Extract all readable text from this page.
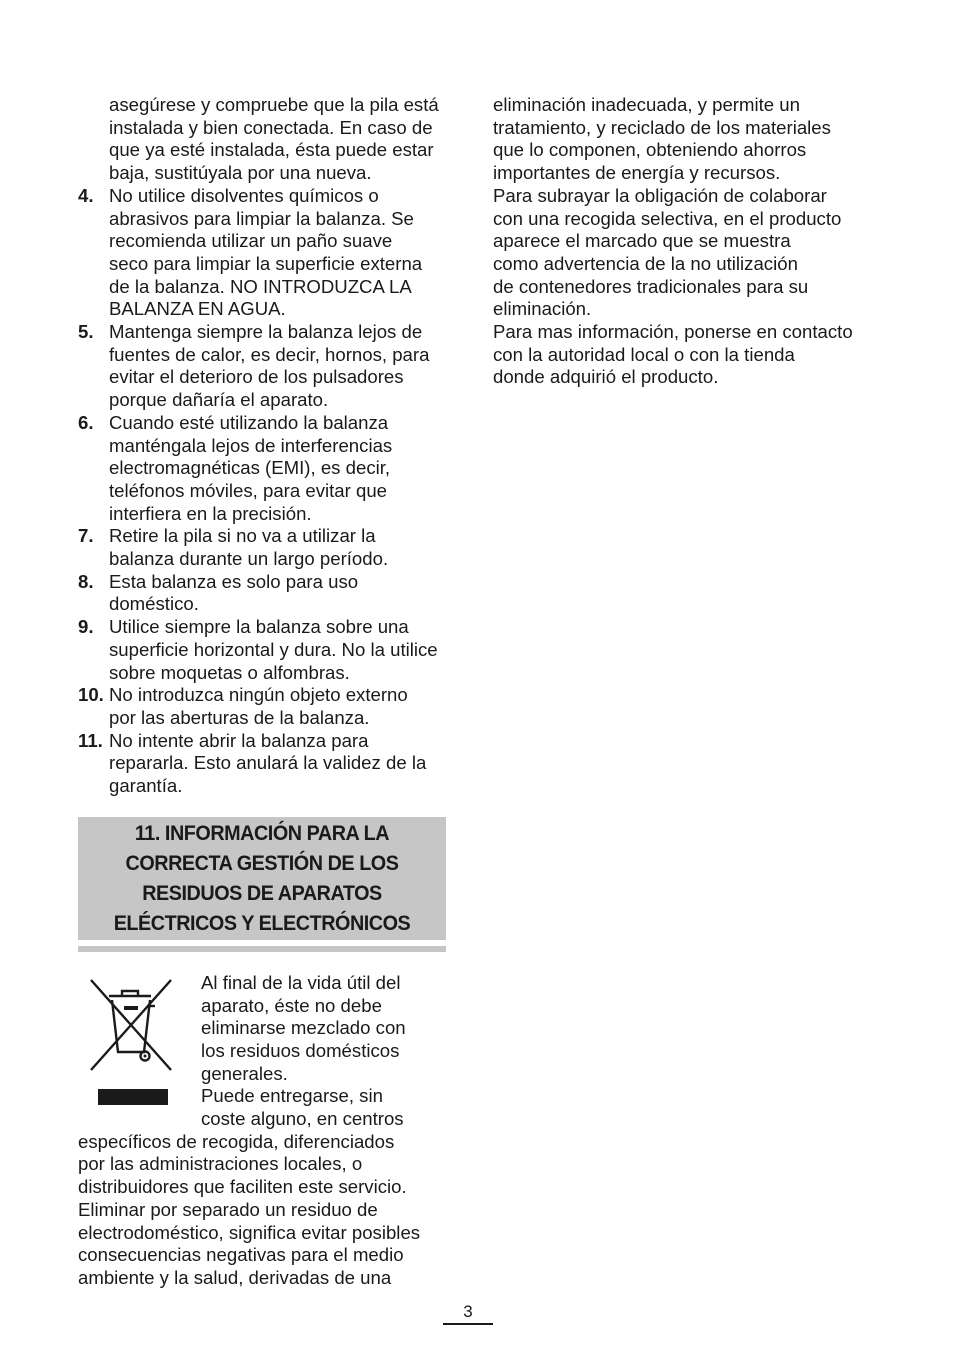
asegúrese y compruebe que la pila está
instalada y bien conectada. En caso de
que ya esté instalada, ésta puede estar
baja, sustitúyala por una nueva.
4. No utilice disolventes químicos o
abrasivos para limpiar la balanza. Se
recomienda utilizar un paño suave
seco para limpiar la superficie externa
de la balanza. NO INTRODUZCA LA
BALANZA EN AGUA.
5. Mantenga siempre la balanza lejos de
fuentes de calor, es decir, hornos, para
evitar el deterioro de los pulsadores
porque dañaría el aparato.
6. Cuando esté utilizando la balanza
manténgala lejos de interferencias
electromagnéticas (EMI), es decir,
teléfonos móviles, para evitar que
interfiera en la precisión.
7. Retire la pila si no va a utilizar la
balanza durante un largo período.
8. Esta balanza es solo para uso
doméstico.
9. Utilice siempre la balanza sobre una
superficie horizontal y dura. No la utilice
sobre moquetas o alfombras.
10. No introduzca ningún objeto externo
por las aberturas de la balanza.
11. No intente abrir la balanza para
repararla. Esto anulará la validez de la
garantía.
11. INFORMACIÓN PARA LA
CORRECTA GESTIÓN DE LOS
RESIDUOS DE APARATOS
ELÉCTRICOS Y ELECTRÓNICOS
Al final de la vida útil del
aparato, éste no debe
eliminarse mezclado con
los residuos domésticos
generales.
Puede entregarse, sin
coste alguno, en centros
específicos de recogida, diferenciados
por las administraciones locales, o
distribuidores que faciliten este servicio.
Eliminar por separado un residuo de
electrodoméstico, significa evitar posibles
consecuencias negativas para el medio
ambiente y la salud, derivadas de una
eliminación inadecuada, y permite un
tratamiento, y reciclado de los materiales
que lo componen, obteniendo ahorros
importantes de energía y recursos.
Para subrayar la obligación de colaborar
con una recogida selectiva, en el producto
aparece el marcado que se muestra
como advertencia de la no utilización
de contenedores tradicionales para su
eliminación.
Para mas información, ponerse en contacto
con la autoridad local o con la tienda
donde adquirió el producto.
3
